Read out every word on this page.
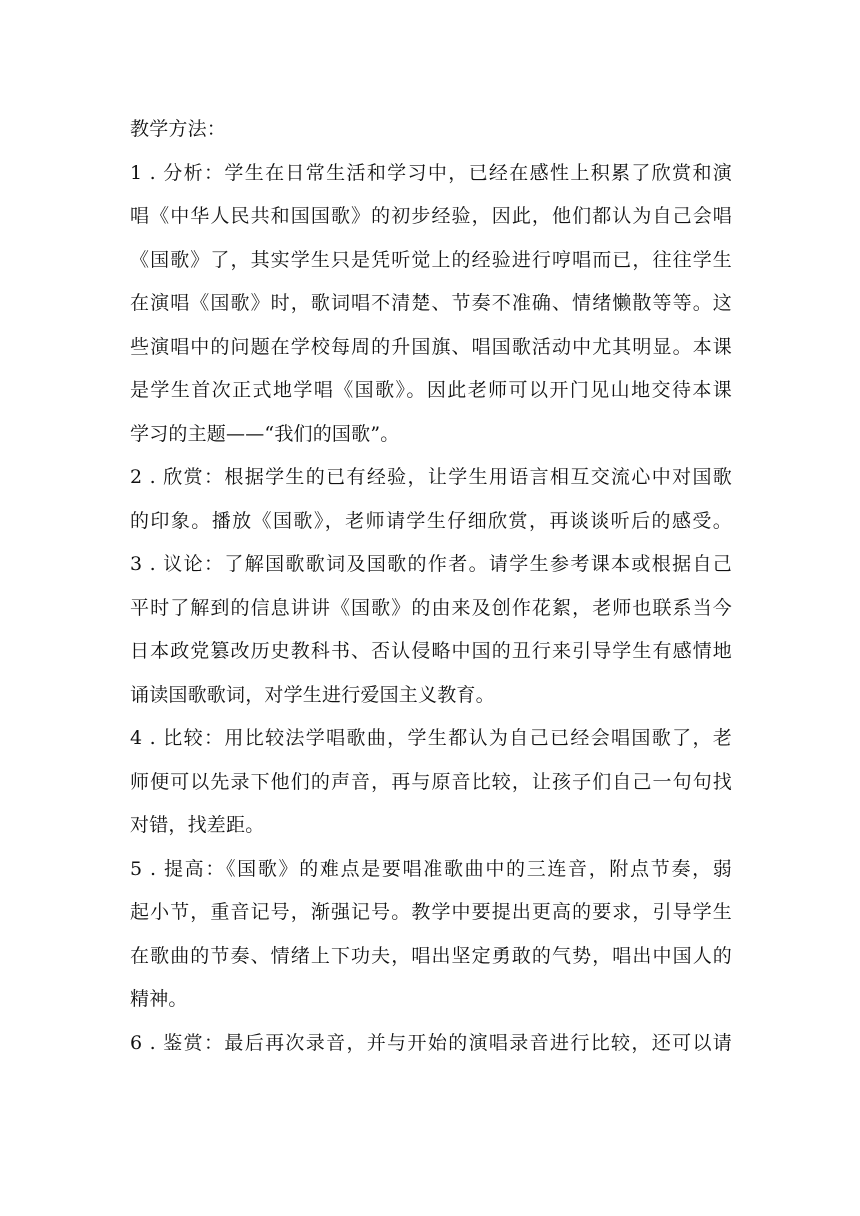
教学方法：
1 . 分析：学生在日常生活和学习中，已经在感性上积累了欣赏和演
唱《中华人民共和国国歌》的初步经验，因此，他们都认为自己会唱
《国歌》了，其实学生只是凭听觉上的经验进行哼唱而已，往往学生
在演唱《国歌》时，歌词唱不清楚、节奏不准确、情绪懒散等等。这
些演唱中的问题在学校每周的升国旗、唱国歌活动中尤其明显。本课
是学生首次正式地学唱《国歌》。因此老师可以开门见山地交待本课
学习的主题——“我们的国歌”。
2 . 欣赏：根据学生的已有经验，让学生用语言相互交流心中对国歌
的印象。播放《国歌》，老师请学生仔细欣赏，再谈谈听后的感受。
3 . 议论：了解国歌歌词及国歌的作者。请学生参考课本或根据自己
平时了解到的信息讲讲《国歌》的由来及创作花絮，老师也联系当今
日本政党篡改历史教科书、否认侵略中国的丑行来引导学生有感情地
诵读国歌歌词，对学生进行爱国主义教育。
4 . 比较：用比较法学唱歌曲，学生都认为自己已经会唱国歌了，老
师便可以先录下他们的声音，再与原音比较，让孩子们自己一句句找
对错，找差距。
5 . 提高：《国歌》的难点是要唱准歌曲中的三连音，附点节奏，弱
起小节，重音记号，渐强记号。教学中要提出更高的要求，引导学生
在歌曲的节奏、情绪上下功夫，唱出坚定勇敢的气势，唱出中国人的
精神。
6 . 鉴赏：最后再次录音，并与开始的演唱录音进行比较，还可以请
